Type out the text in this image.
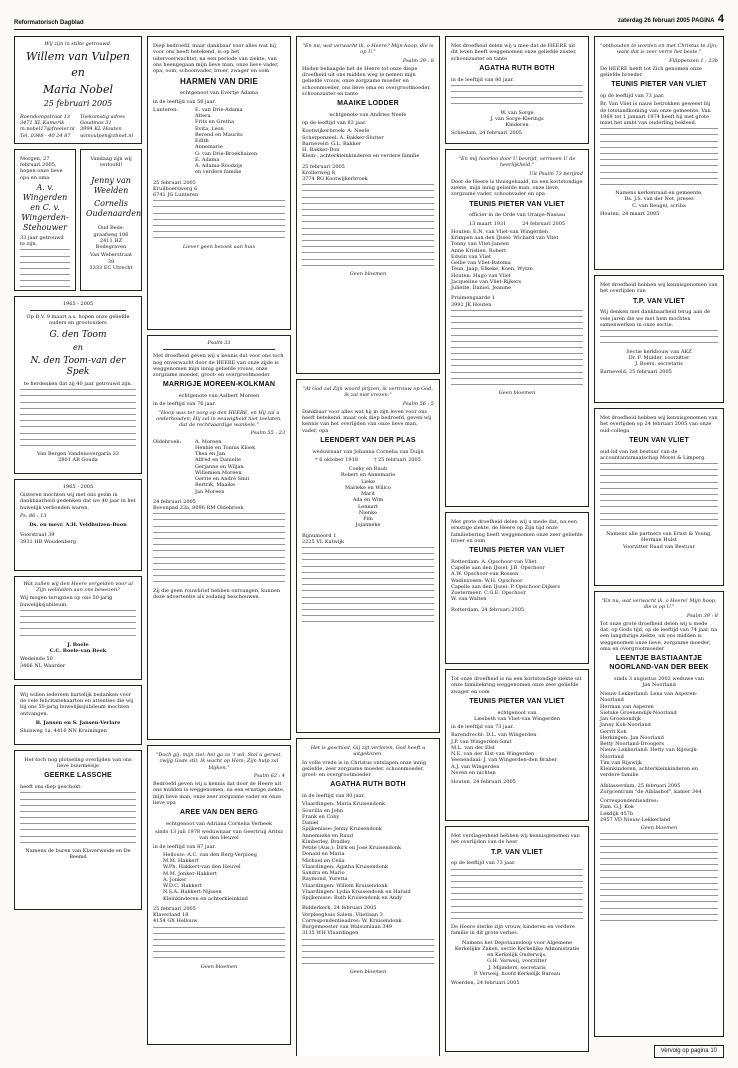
Reformatorisch Dagblad	zaterdag 26 februari 2005 PAGINA 4
Wij zijn in stilte getrouwd.
Willem van Vulpen
en
Maria Nobel
25 februari 2005
Roendompstraat 13
3471 XL Kamerik
m.nobel17@freeler.nl
Tel. 0348 - 40 24 87
Toekomstig adres
Goudmos 31
3994 KL Houten
wimvulpen@zbnet.nl

Morgen, 27 februari 2005, hopen onze lieve opa en oma

A. v. Wingerden en C. v. Wingerden-Stehouwer

33 jaar getrouwd te zijn.

Vandaag zijn wij verloofd!

Jenny van Weelden
Cornelis Oudenaarden

Oud Beds-graafweg 106
2411 HZ Bodegraven

Van Weberstraat 39
3333 EC Utrecht

1965 - 2005

Op D.V. 9 maart a.s. hopen onze geliefde ouders en grootouders

G. den Toom
en
N. den Toom-van der Spek

te herdenken dat zij 40 jaar getrouwd zijn.

Van Bergen Vandenovergaria 33
2801 AB Gouda

1965 - 2005

Gisteren mochten wij met ons gezin in dankbaarheid gedenken dat we 40 jaar in het huwelijk verbonden waren.

Ps. 86 : 13

Ds. en mevr. A.H. Veldhuizen-Boon

Voorstraat 39
3931 HB Woudenberg

Wat zullen wij den Heere vergelden voor al Zijn weldaden aan ons bewezen?

Wij mogen terugzien op ons 50-jarig huwelijksjubileum.

J. Boele
C.C. Boele-van Beek

Wedeinde 50
3466 NL Waarder

Wij willen iedereen hartelijk bedanken voor de vele felicitatiekaarten en attenties die wij bij ons 50-jarig huwelijksjubileum mochten ontvangen.

B. Jansen en S. Jansen-Verlare

Sluisweg 1a, 4416 NN Kruiningen

Het toch nog plotseling overlijden van ons lieve buurmeisje

GEERKE LASSCHE

heeft ons diep geschokt.

Namens de buren van Klaverweide en De Beemd

Diep bedroefd, maar dankbaar voor alles wat hij voor ons heeft betekend, is op het uitervoerwachtst, na een periode van ziekte, van ons heengegaan mijn lieve man, onze lieve vader, opa, oom, schoonvader, broer, zwager en oom

HARMEN VAN DRIE

echtgenoot van Evertje Adama

in de leeftijd van 56 jaar.

Lunteren:	E. van Drie-Adama
Altera
Frits en Gretha
Evita, Leon
Berend en Maurits
Edith
Annemarie
G. van Drie-Broekhuizen
E. Adama
A. Adama-Roodzijs
en verdere familie

25 februari 2005
Kruilboerswerg 6
6741 JG Lunteren

Liever geen bezoek aan huis
Psalm 33

Met droefheid geven wij u kennis dat voor ons toch nog onverwacht door de HEERE van onze zijde is weggenomen mijn innig geliefde vrouw, onze zorgzame moeder, groot- en overgrootmoeder

MARRIGJE MOREEN-KOLKMAN

echtgenote van Aalbert Moreen

in de leeftijd van 76 jaar.

"Hoop was ter oorg op den HEERE, en Hij zal u onderhouden; Hij zal in eeuwigheid niet toelaten, dat de rechtvaardige wankele."

Psalm 55 : 23

Oldebroek:	A. Moreen
Hennie en Tonnis Kloek
Thea en Jan
Alfred en Danielle
Gerjanne en Wiljan
Willemien Moreen
Gerrie en André Smit
Bertrik, Maaike
Jan Moreen

24 februari 2005
Bovenpad 23a, 8096 RM Oldebroek

Zij die geen rouwbrief hebben ontvangen, kunnen deze advertentie als zodanig beschouwen.

"Doch gij, mijn ziel, het ga zo 't wil, Stel u gerust, zwijg Gode stil; Ik wacht op Hem; Zijn hulp zal blijken."

Psalm 62 : 4

Bedroefd geven wij u kennis dat door de Heere uit ons midden is weggenomen, na een ernstige ziekte, mijn lieve man, onze zeer zorgzame vader en onze lieve opa

AREE VAN DEN BERG

echtgenoot van Adriana Cornelia Verbeek

sinds 13 juli 1978 weduwnaar van Geertruij Aritsz van den Heuvel

in de leeftijd van 87 jaar.

Hellouw: A.C. van den Berg-Verploeg
M.M. Hakkert
W.Ph. Hakkert-van den Heuvel
M.M. Jonker-Hakkert
A. Jonker
W.D.C. Hakkert
N.S.A. Hakkert-Nijssen
Kleinkinderen en achterkleinkind

25 februari 2005
Klaverland 18
4154 GX Hellouw

Geen bloemen

"En nu, wat verwacht ik, o Heere? Mijn hoop, die is op U."

Psalm 39 : 8

Heden behaagde het de Heere tot onze diepe droefheid uit ons midden weg te nemen mijn geliefde vrouw, onze zorgzame moeder en schoonmoeder, ons lieve oma en overgrootmoeder, schoonzuster en tante

MAAIKE LODDER

echtgenote van Andries Neefe

op de leeftijd van 83 jaar.

Kootwijkerbroek: A. Neefe
Scherpenzeel: A. Bakker-Slutter
Barneveld: G.L. Bakker
H. Bakker-Don
Klein-, achterkleinkinderen en verdere familie

25 februari 2005
Krollerweg 8
3774 RG Kootwijkerbroek

Geen bloemen

"Al God zal Zijn woord prijzen, ik vertrouw op God, ik zal niet vrezen."

Psalm 56 : 5

Dankbaar voor alles wat hij in zijn leven voor ons heeft betekend, maar ook diep bedroefd, geven wij kennis van het overlijden van onze lieve man, vader, opa

LEENDERT VAN DER PLAS

weduwnaar van Johanna Cornelia van Duijn

* 6 oktober 1918          † 25 februari 2005

Coeky en Ruub
Robert en Annemarie
Lieke
Marieke en Willco
Marit
Ada en Wim
Lennart
Nienke
Pim
Jojanneke

Bijnumoord 1
2225 VL Katwijk

Het is geschied, Gij zijt verloren, God heeft u uitgekozen.

In volle vrede is in Christus ontslapen onze innig geliefde, zeer zorgzame moeder, schoonmoeder, groot- en overgrootmoeder

AGATHA RUTH BOTH

in de leeftijd van 80 jaar.

Vlaardingen: Maria Kruisendonk
Souvilla en John
Frank en Coby
Daniel
Spijkenisse: Jenny Kruisendonk
Annemieke en Ruud
Kimberley, Bradley
Petite (Aus.): Dirk en José Kruisendonk
Donald en Maria
Michael en Celia
Vlaardingen: Agatha Kruisendonk
Sandra en Mario
Raymond, Yuretta
Vlaardingen: Willem Kruisendonk
Vlaardingen: Lydia Kruisendonk en Harald
Spijkenisse: Ruth Kruisendonk en Andy

Bidderkerk, 24 februari 2005
Verpleeghuis Salem, Vlietlaan 3
Correspondentieadres: W. Kruisendonk
Burgemeester van Walsumlaan 349
3135 WH Vlaardingen

Geen bloemen

Met droefheid delen wij u mee dat de HEERE uit dit leven heeft weggenomen onze geliefde zuster, schoonzuster en tante

AGATHA RUTH BOTH

in de leeftijd van 80 jaar.

W. van Sorge
J. van Sorge-Klerings
Kinderen

Schiedam, 24 februari 2005

"En mij hoorloo door U bevrijd, vermeen U de heerlijkheid."

Uit Psalm 73 berijmd

Door de Heere is thuisgehaald, na een kortstondige ziekte, mijn innig geliefde man, onze lieve, zorgzame vader, schoonvader en opa

TEUNIS PIETER VAN VLIET

officier in de Orde van Oranje-Nassau

13 maart 1931          24 februari 2005

Houten: E.N. van Vliet-van Wingerden
Krimpen aan den IJssel: Wichard van Vliet
Tonny van Vliet-Jansen
Anne Kristien, Robert
Edwin van Vliet
Gellie van Vliet-Batema
Teun, Jaap, Elkeke, Koen, Wytze
Houten: Hugo van Vliet
Jacqueline van Vliet-Rijkers
Juliette, Daniel, Jeanine

Pruimengaarde 1
3992 JK Houten

Geen bloemen

Met grote droefheid delen wij u mede dat, na een ernstige ziekte, de Heere op Zijn tijd onze familiebering heeft weggenomen onze zeer geliefde broer en oom

TEUNIS PIETER VAN VLIET

Rotterdam: A. Opschoor-van Vliet
Capelle aan den IJssel: J.B. Opschoor
A.W. Opschoor-van Rossen
Wadinxveen: W.H. Opschoor
Capelle aan den IJssel: P. Opschoor-Dijkers
Zoetermeer: C.G.E. Opschoor
W. van Walten

Rotterdam, 24 februari 2005

Tot onze droefheid is na een kortstondige ziekte uit onze familiekring weggenomen onze zeer geliefde zwager en oom

TEUNIS PIETER VAN VLIET

echtgenoot van
Liesbeth van Vliet-van Wingerden

in de leeftijd van 73 jaar.

Barendrecht: D.L. van Wingerden
J.P. van Wingerden-Smit
M.L. van der Elst
N.E. van der Elst-van Wingerden
Veenendaal: J. van Wingerden-den Braber
A.J. van Wingerden
Neven en nichten

Houten, 24 februari 2005

Met verslagenheid hebben wij kennisgenomen van het overlijden van de heer

T.P. VAN VLIET

op de leeftijd van 73 jaar.

De Heere sterke zijn vrouw, kinderen en verdere familie in dit grote verlies.

Namens het Depotaaneloop voor Algemene Kerkelijke Zaken, sectie Kerkelijke Administratie en Kerkelijk Onderwijs,
G.H. Verweij, voorzitter
J. Mijinders, secretaris
P. Verweij, hoofd Kerkelijk Bureau

Woerden, 24 februari 2005

"onthouden te worden en met Christus te zijn; want dat is zeer verre het beste."

Filippenzen 1 : 23b

De HEERE heeft tot Zich genomen onze geliefde broeder

TEUNIS PIETER VAN VLIET

op de leeftijd van 73 jaar.

Br. Van Vliet is nauw betrokken geweest bij de totstandkoming van onze gemeente. Van 1969 tot 1 januari 1974 heeft hij met grote inzet het ambt van ouderling bekleed.

Namens kerkenraad en gemeente,
Ds. J.S. van der Net, preses
C. van Beugel, scriba

Houten, 24 maart 2005

Met droefheid hebben wij kennisgenomen van het overlijden van

T.P. VAN VLIET

Wij denken met dankbaarheid terug aan de vele jaren die we met hem mochten samenwerken in onze sectie.

Sectie kerkbouw van AKZ
Dr. F. Mulder, voorzitter
J. Boers, secretaris

Barneveld, 25 februari 2005

Met droefheid hebben wij kennisgenomen van het overlijden op 24 februari 2005 van onze oud-collega

TEUN VAN VLIET

oud-lid van het bestuur van de accountantsmaatschap Moret & Limperg.

Namens alle partners van Ernst & Young,
Herman Hulst
Voorzitter Raad van Bestuur

"En nu, wat verwacht ik, o Heere! Mijn hoop, die is op U."

Psalm 39 : 8

Tot onze grote droefheid delen wij u mede dat, op Gods tijd, op de leeftijd van 74 jaar, na een langdurige ziekte, uit ons midden is weggenomen onze lieve, zorgzame moeder, oma en overgrootmoeder

LEENTJE BASTIAANTJE NOORLAND-VAN DER BEEK

sinds 3 augustus 2002 weduwe van
Jan Noorland

Nieuw-Lekkerland: Lena van Asperen-Noorland
Herman van Asperen
Sietske Groenendijk-Noorland
Jan Groenendijk
Janny Kok-Noorland
Gerrit Kok
Herkingen: Jan Noorland
Betty Noorland-Droogers
Nieuw-Lekkerland: Hetty van Rijswijk-Noorland
Tim van Rijswijk
Kleinkinderen, achterkleinkinderen en verdere familie

Alblasserdam, 25 februari 2005
Zorgcentrum "de Alblashof", kamer 344

Correspondentieadres:
Fam. G.J. Kok
Lekdijk 457b
2957 VD Nieuw-Lekkerland

Geen bloemen
Vervolg op pagina 10
